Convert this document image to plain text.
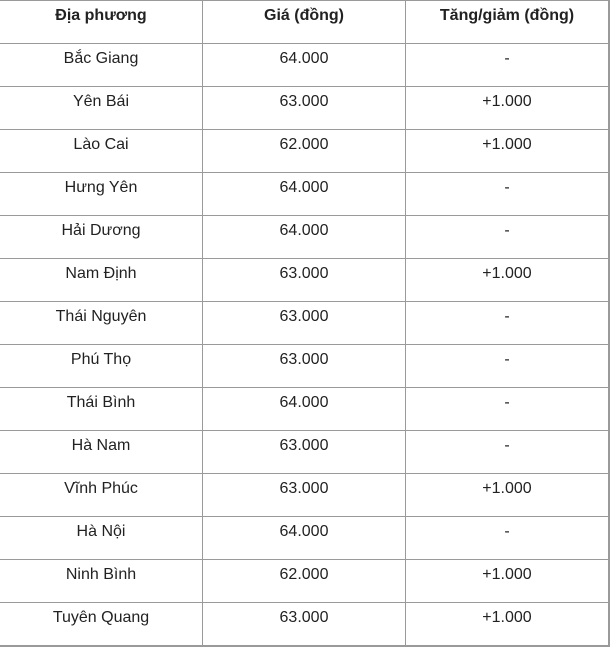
Địa phương	Giá (đồng)	Tăng/giảm (đồng)
Bắc Giang	64.000	-
Yên Bái	63.000	+1.000
Lào Cai	62.000	+1.000
Hưng Yên	64.000	-
Hải Dương	64.000	-
Nam Định	63.000	+1.000
Thái Nguyên	63.000	-
Phú Thọ	63.000	-
Thái Bình	64.000	-
Hà Nam	63.000	-
Vĩnh Phúc	63.000	+1.000
Hà Nội	64.000	-
Ninh Bình	62.000	+1.000
Tuyên Quang	63.000	+1.000
